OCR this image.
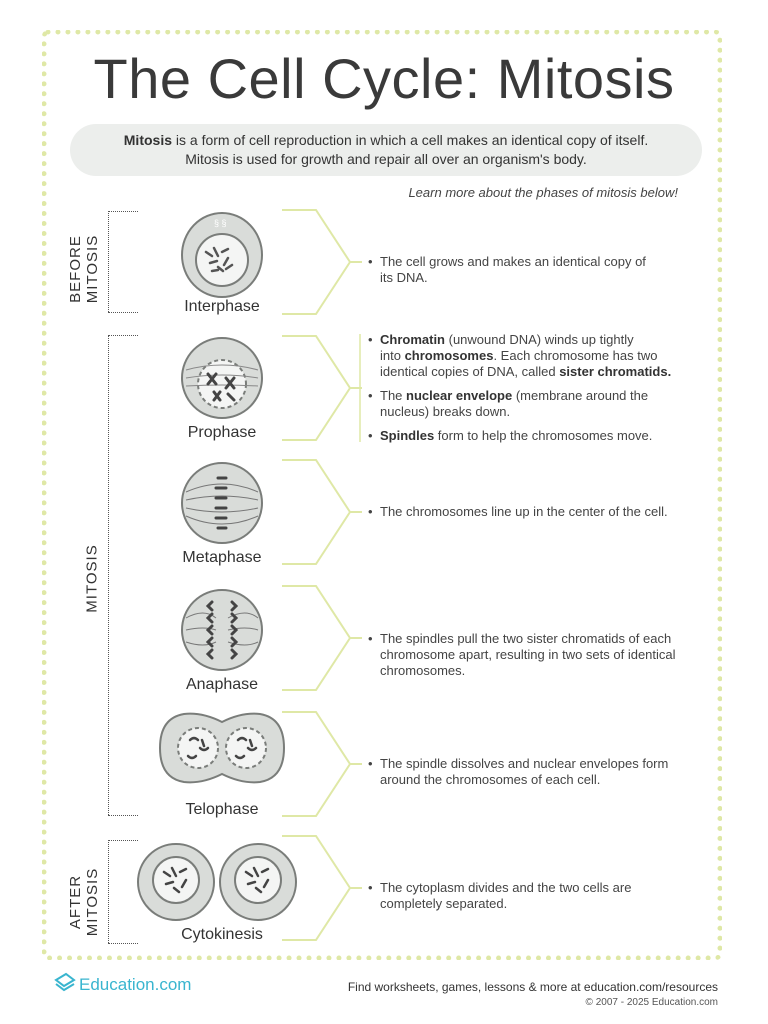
The Cell Cycle: Mitosis
Mitosis is a form of cell reproduction in which a cell makes an identical copy of itself.
Mitosis is used for growth and repair all over an organism's body.
Learn more about the phases of mitosis below!
BEFORE MITOSIS
MITOSIS
AFTER MITOSIS
§ §
Interphase
Prophase
Metaphase
Anaphase
Telophase
Cytokinesis
• The cell grows and makes an identical copy of
its DNA.
• Chromatin (unwound DNA) winds up tightly
into chromosomes. Each chromosome has two
identical copies of DNA, called sister chromatids.
• The nuclear envelope (membrane around the
nucleus) breaks down.
• Spindles form to help the chromosomes move.
• The chromosomes line up in the center of the cell.
• The spindles pull the two sister chromatids of each
chromosome apart, resulting in two sets of identical
chromosomes.
• The spindle dissolves and nuclear envelopes form
around the chromosomes of each cell.
• The cytoplasm divides and the two cells are
completely separated.
Education.com	Find worksheets, games, lessons & more at education.com/resources
© 2007 - 2025 Education.com
